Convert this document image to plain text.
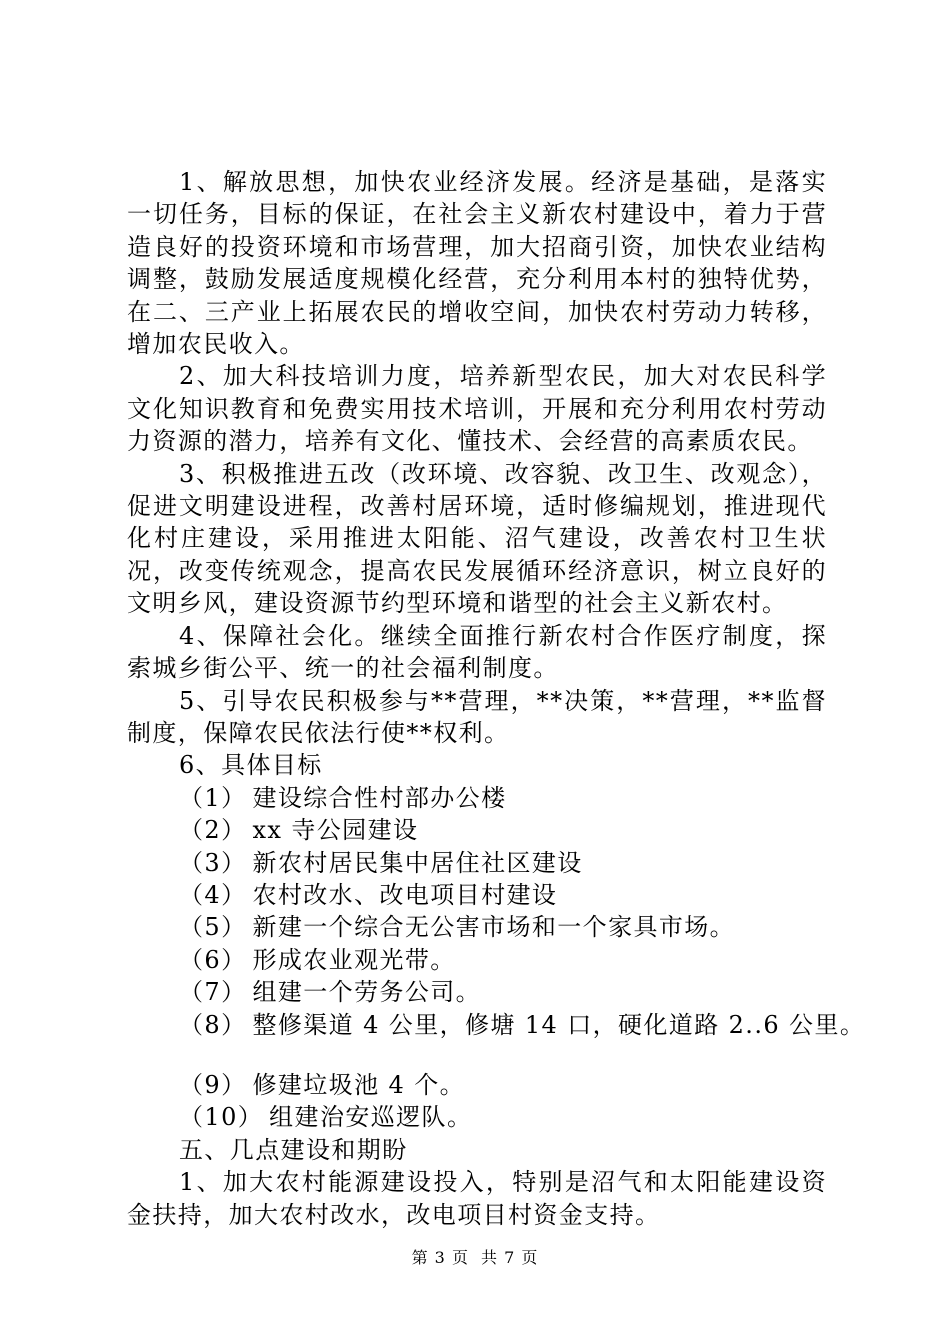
1、解放思想，加快农业经济发展。经济是基础，是落实一切任务，目标的保证，在社会主义新农村建设中，着力于营造良好的投资环境和市场营理，加大招商引资，加快农业结构调整，鼓励发展适度规模化经营，充分利用本村的独特优势，在二、三产业上拓展农民的增收空间，加快农村劳动力转移，增加农民收入。

2、加大科技培训力度，培养新型农民，加大对农民科学文化知识教育和免费实用技术培训，开展和充分利用农村劳动力资源的潜力，培养有文化、懂技术、会经营的高素质农民。

3、积极推进五改（改环境、改容貌、改卫生、改观念），促进文明建设进程，改善村居环境，适时修编规划，推进现代化村庄建设，采用推进太阳能、沼气建设，改善农村卫生状况，改变传统观念，提高农民发展循环经济意识，树立良好的文明乡风，建设资源节约型环境和谐型的社会主义新农村。

4、保障社会化。继续全面推行新农村合作医疗制度，探索城乡街公平、统一的社会福利制度。

5、引导农民积极参与**营理，**决策，**营理，**监督制度，保障农民依法行使**权利。

6、具体目标

（1） 建设综合性村部办公楼

（2） xx 寺公园建设

（3） 新农村居民集中居住社区建设

（4） 农村改水、改电项目村建设

（5） 新建一个综合无公害市场和一个家具市场。

（6） 形成农业观光带。

（7） 组建一个劳务公司。

（8） 整修渠道 4 公里，修塘 14 口，硬化道路 2..6 公里。

（9） 修建垃圾池 4 个。

（10） 组建治安巡逻队。

五、几点建设和期盼

1、加大农村能源建设投入，特别是沼气和太阳能建设资金扶持，加大农村改水，改电项目村资金支持。

第 3 页 共 7 页
